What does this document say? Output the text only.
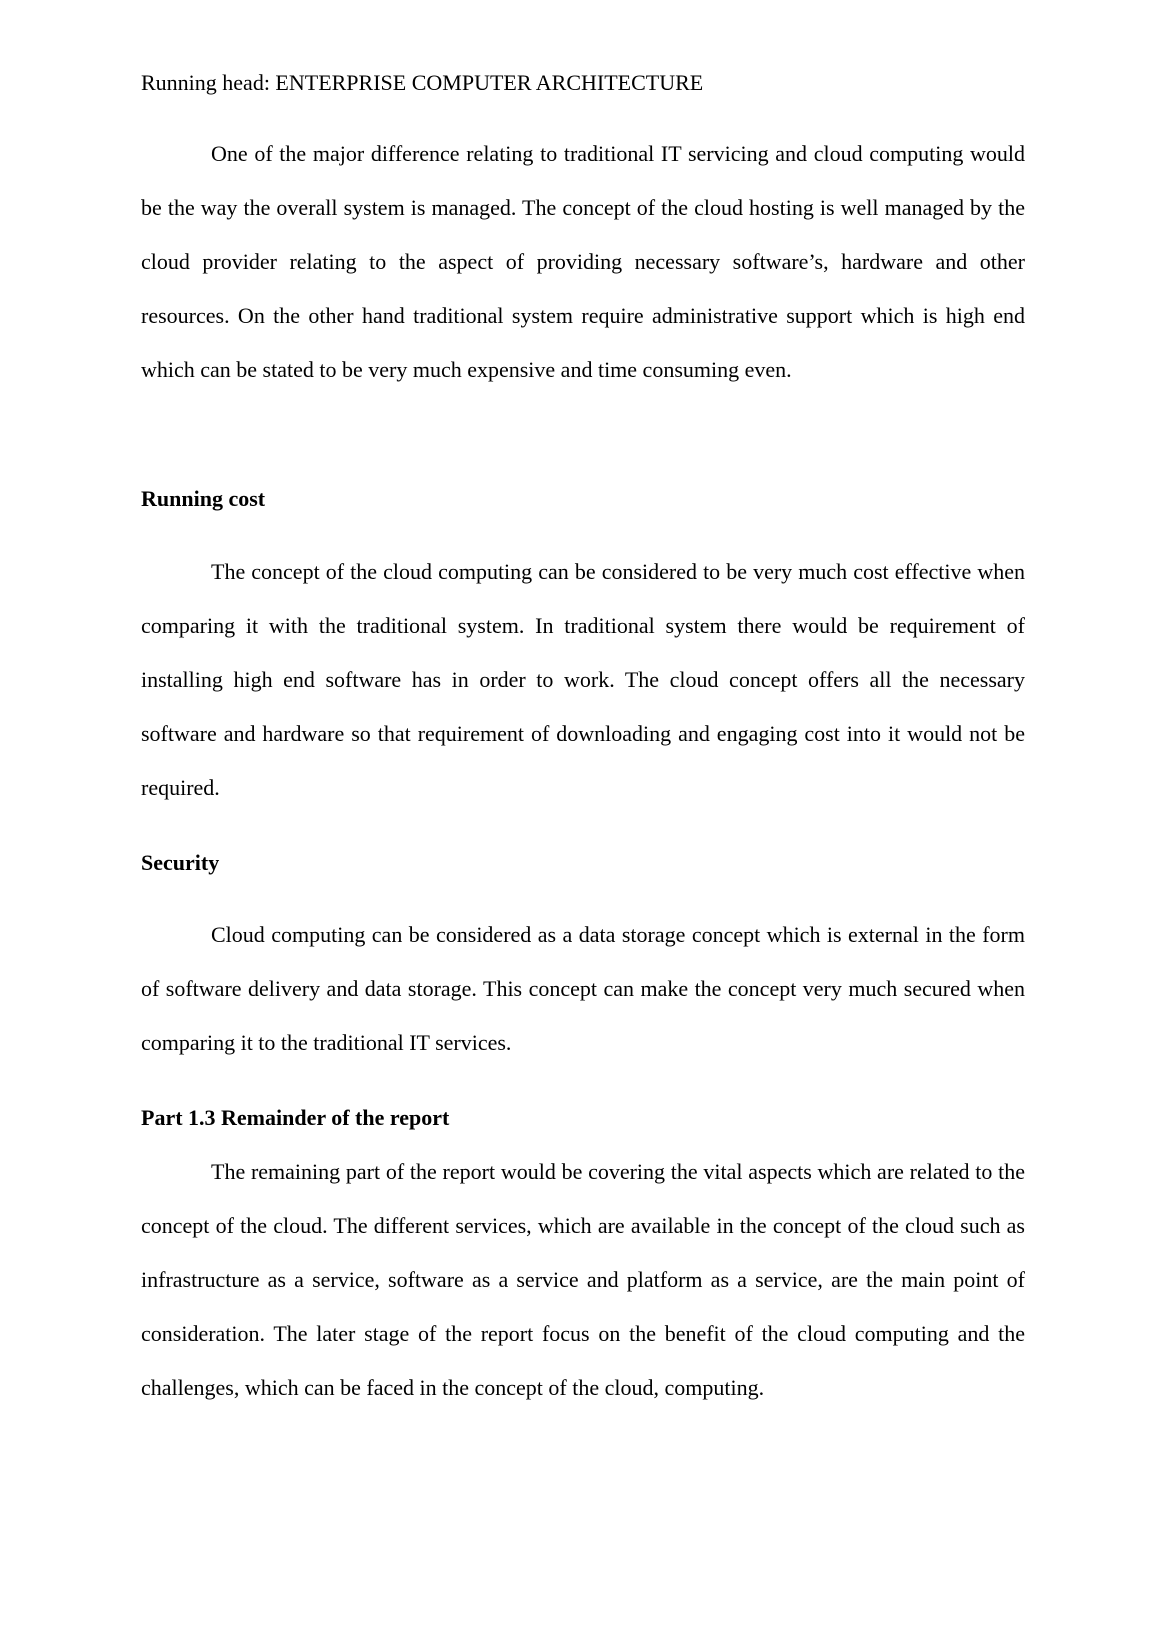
Running head: ENTERPRISE COMPUTER ARCHITECTURE

One of the major difference relating to traditional IT servicing and cloud computing would be the way the overall system is managed. The concept of the cloud hosting is well managed by the cloud provider relating to the aspect of providing necessary software’s, hardware and other resources. On the other hand traditional system require administrative support which is high end which can be stated to be very much expensive and time consuming even.

Running cost

The concept of the cloud computing can be considered to be very much cost effective when comparing it with the traditional system. In traditional system there would be requirement of installing high end software has in order to work. The cloud concept offers all the necessary software and hardware so that requirement of downloading and engaging cost into it would not be required.

Security

Cloud computing can be considered as a data storage concept which is external in the form of software delivery and data storage. This concept can make the concept very much secured when comparing it to the traditional IT services.

Part 1.3 Remainder of the report

The remaining part of the report would be covering the vital aspects which are related to the concept of the cloud. The different services, which are available in the concept of the cloud such as infrastructure as a service, software as a service and platform as a service, are the main point of consideration. The later stage of the report focus on the benefit of the cloud computing and the challenges, which can be faced in the concept of the cloud, computing.
